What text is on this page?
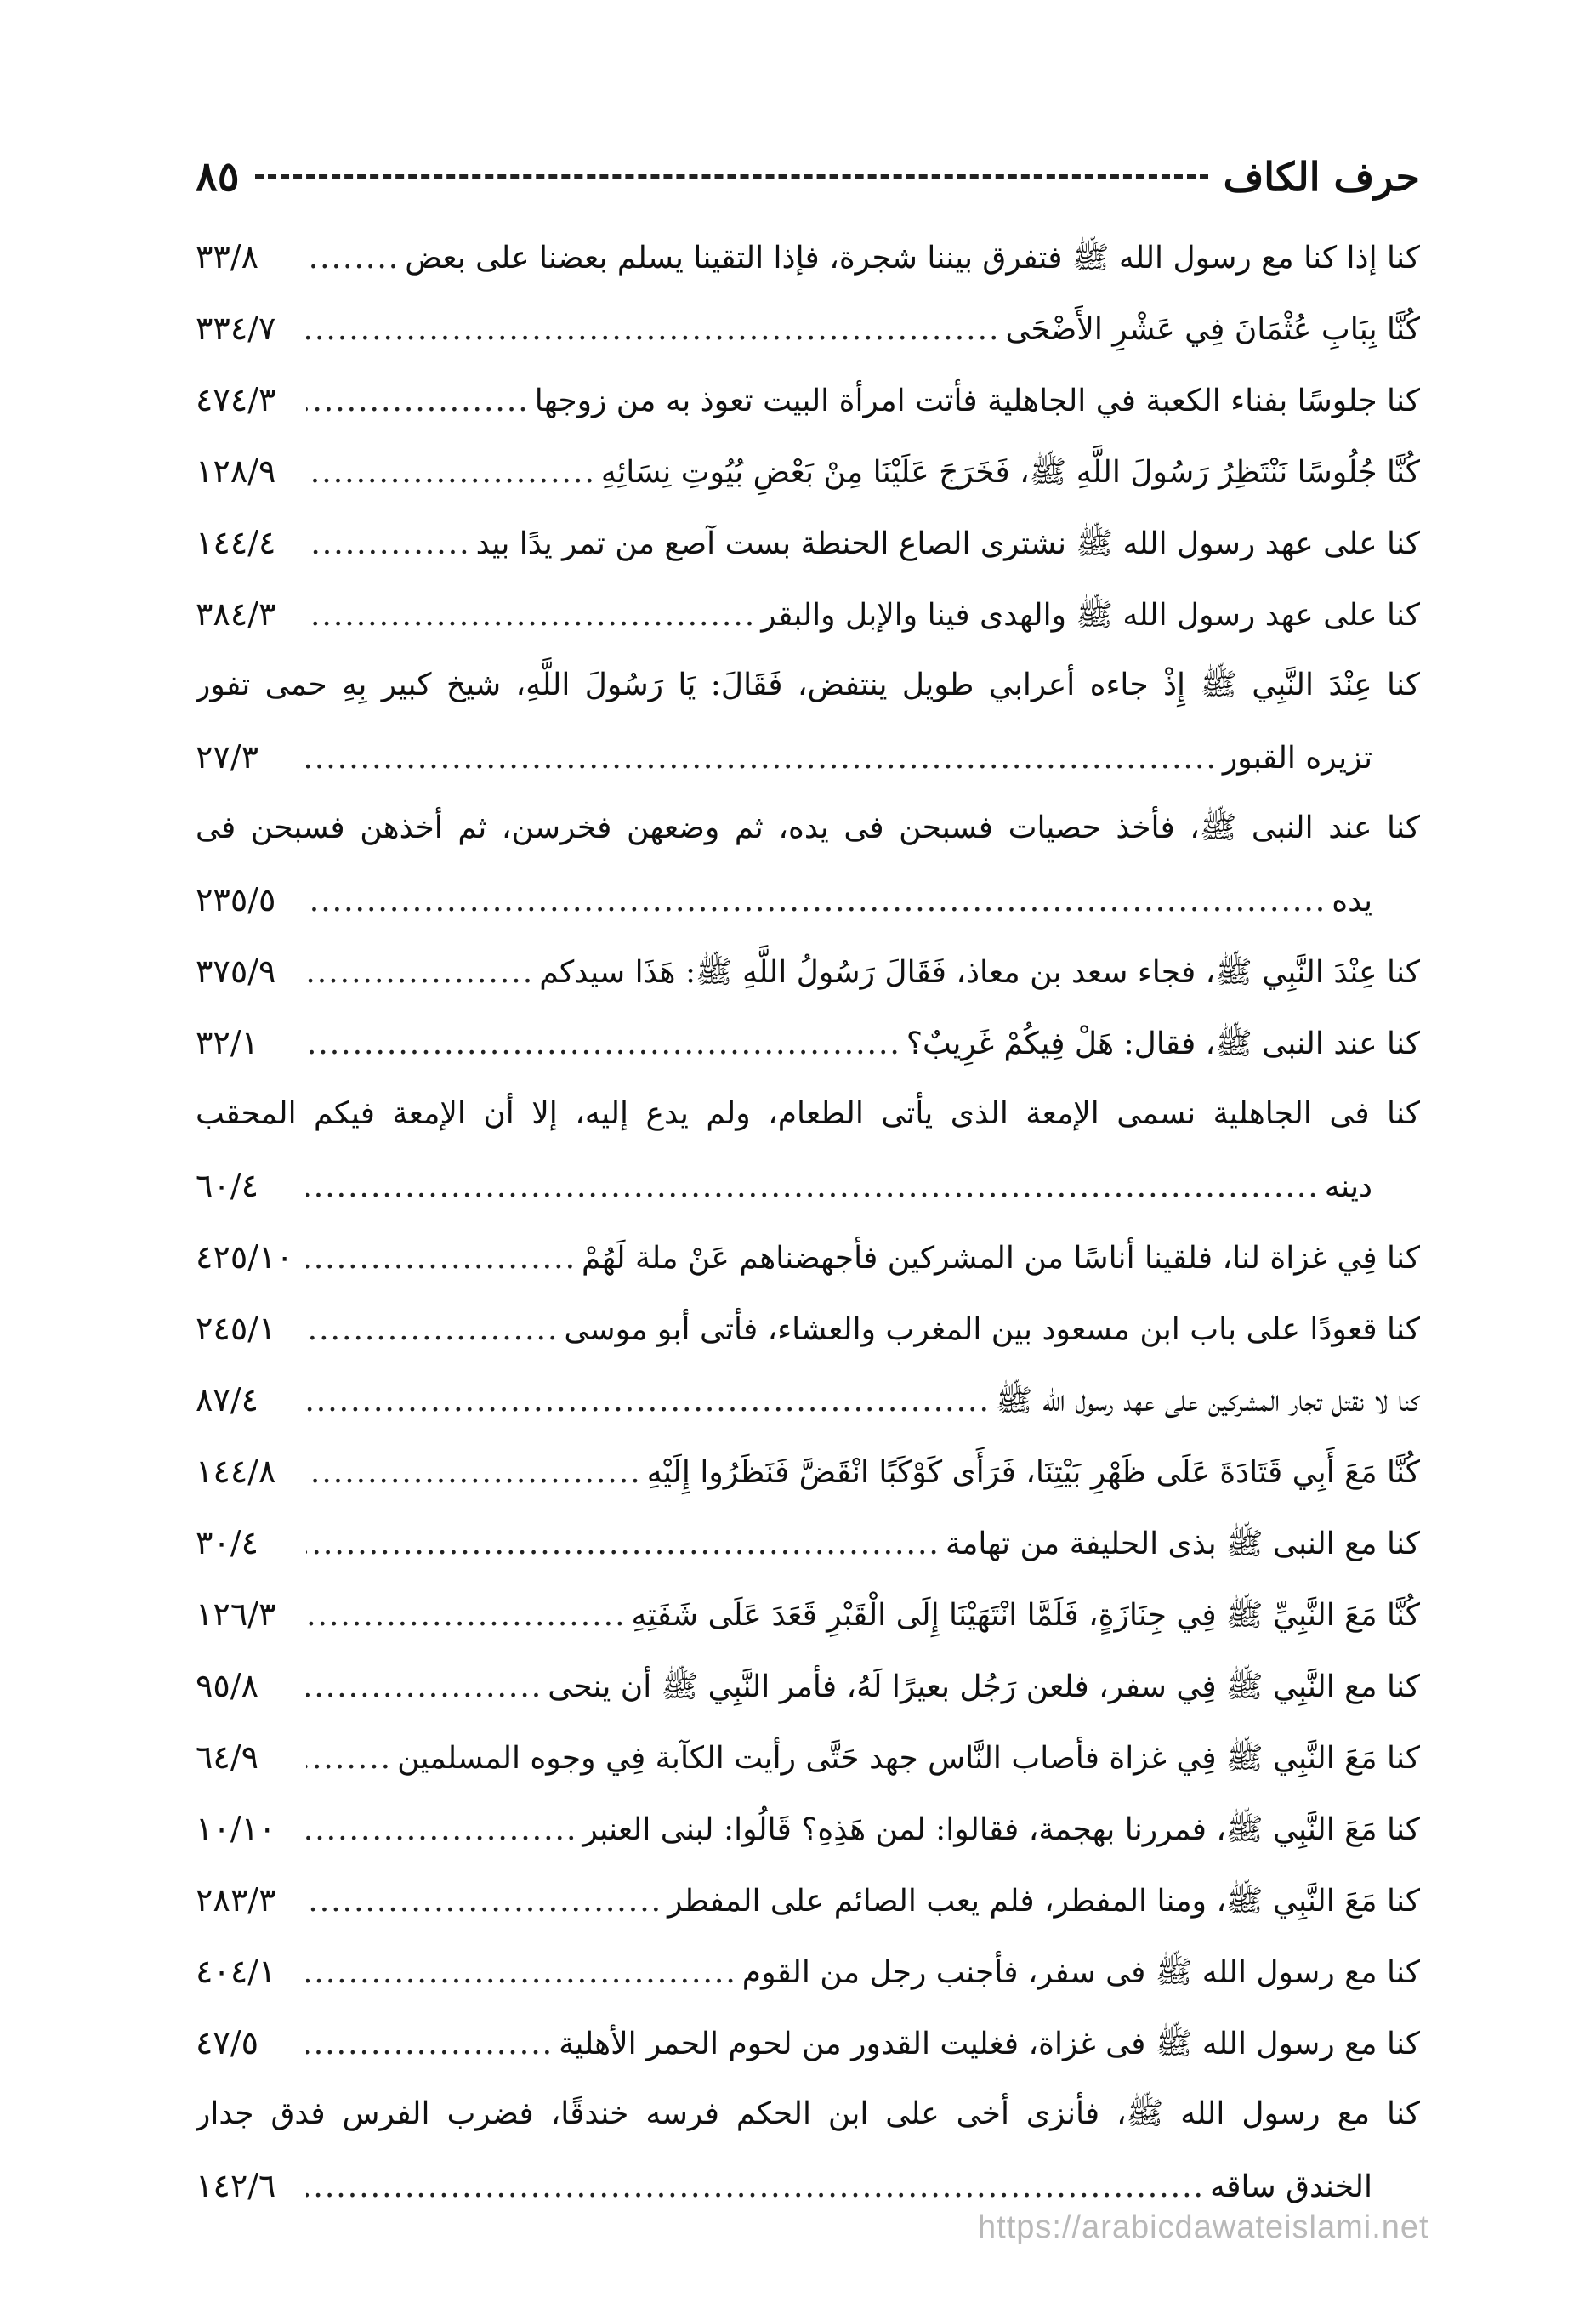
حرف الكاف
٨٥
كنا إذا كنا مع رسول الله ﷺ فتفرق بيننا شجرة، فإذا التقينا يسلم بعضنا على بعض
.....
٣٣/٨
كُنَّا بِبَابِ عُثْمَانَ فِي عَشْرِ الأَضْحَى
.....
٣٣٤/٧
كنا جلوسًا بفناء الكعبة في الجاهلية فأتت امرأة البيت تعوذ به من زوجها
.....
٤٧٤/٣
كُنَّا جُلُوسًا نَنْتَظِرُ رَسُولَ اللَّهِ ﷺ، فَخَرَجَ عَلَيْنَا مِنْ بَعْضِ بُيُوتِ نِسَائِهِ
.....
١٢٨/٩
كنا على عهد رسول الله ﷺ نشترى الصاع الحنطة بست آصع من تمر يدًا بيد
.....
١٤٤/٤
كنا على عهد رسول الله ﷺ والهدى فينا والإبل والبقر
.....
٣٨٤/٣
كنا عِنْدَ النَّبِي ﷺ إِذْ جاءه أعرابي طويل ينتفض، فَقَالَ: يَا رَسُولَ اللَّهِ، شيخ كبير بِهِ حمى تفور
تزيره القبور
.....
٢٧/٣
كنا عند النبى ﷺ، فأخذ حصيات فسبحن فى يده، ثم وضعهن فخرسن، ثم أخذهن فسبحن فى
يده
.....
٢٣٥/٥
كنا عِنْدَ النَّبِي ﷺ، فجاء سعد بن معاذ، فَقَالَ رَسُولُ اللَّهِ ﷺ: هَذَا سيدكم
.....
٣٧٥/٩
كنا عند النبى ﷺ، فقال: هَلْ فِيكُمْ غَرِيبٌ؟
.....
٣٢/١
كنا فى الجاهلية نسمى الإمعة الذى يأتى الطعام، ولم يدع إليه، إلا أن الإمعة فيكم المحقب
دينه
.....
٦٠/٤
كنا فِي غزاة لنا، فلقينا أناسًا من المشركين فأجهضناهم عَنْ ملة لَهُمْ
.....
٤٢٥/١٠
كنا قعودًا على باب ابن مسعود بين المغرب والعشاء، فأتى أبو موسى
.....
٢٤٥/١
كنا لا نقتل تجار المشركين على عهد رسول الله ﷺ
.....
٨٧/٤
كُنَّا مَعَ أَبِي قَتَادَةَ عَلَى ظَهْرِ بَيْتِنَا، فَرَأَى كَوْكَبًا انْقَضَّ فَنَظَرُوا إِلَيْهِ
.....
١٤٤/٨
كنا مع النبى ﷺ بذى الحليفة من تهامة
.....
٣٠/٤
كُنَّا مَعَ النَّبِيِّ ﷺ فِي جِنَازَةٍ، فَلَمَّا انْتَهَيْنَا إِلَى الْقَبْرِ قَعَدَ عَلَى شَفَتِهِ
.....
١٢٦/٣
كنا مع النَّبِي ﷺ فِي سفر، فلعن رَجُل بعيرًا لَهُ، فأمر النَّبِي ﷺ أن ينحى
.....
٩٥/٨
كنا مَعَ النَّبِي ﷺ فِي غزاة فأصاب النَّاس جهد حَتَّى رأيت الكآبة فِي وجوه المسلمين
.....
٦٤/٩
كنا مَعَ النَّبِي ﷺ، فمررنا بهجمة، فقالوا: لمن هَذِهِ؟ قَالُوا: لبنى العنبر
.....
١٠/١٠
كنا مَعَ النَّبِي ﷺ، ومنا المفطر، فلم يعب الصائم على المفطر
.....
٢٨٣/٣
كنا مع رسول الله ﷺ فى سفر، فأجنب رجل من القوم
.....
٤٠٤/١
كنا مع رسول الله ﷺ فى غزاة، فغليت القدور من لحوم الحمر الأهلية
.....
٤٧/٥
كنا مع رسول الله ﷺ، فأنزى أخى على ابن الحكم فرسه خندقًا، فضرب الفرس فدق جدار
الخندق ساقه
.....
١٤٢/٦
https://arabicdawateislami.net
